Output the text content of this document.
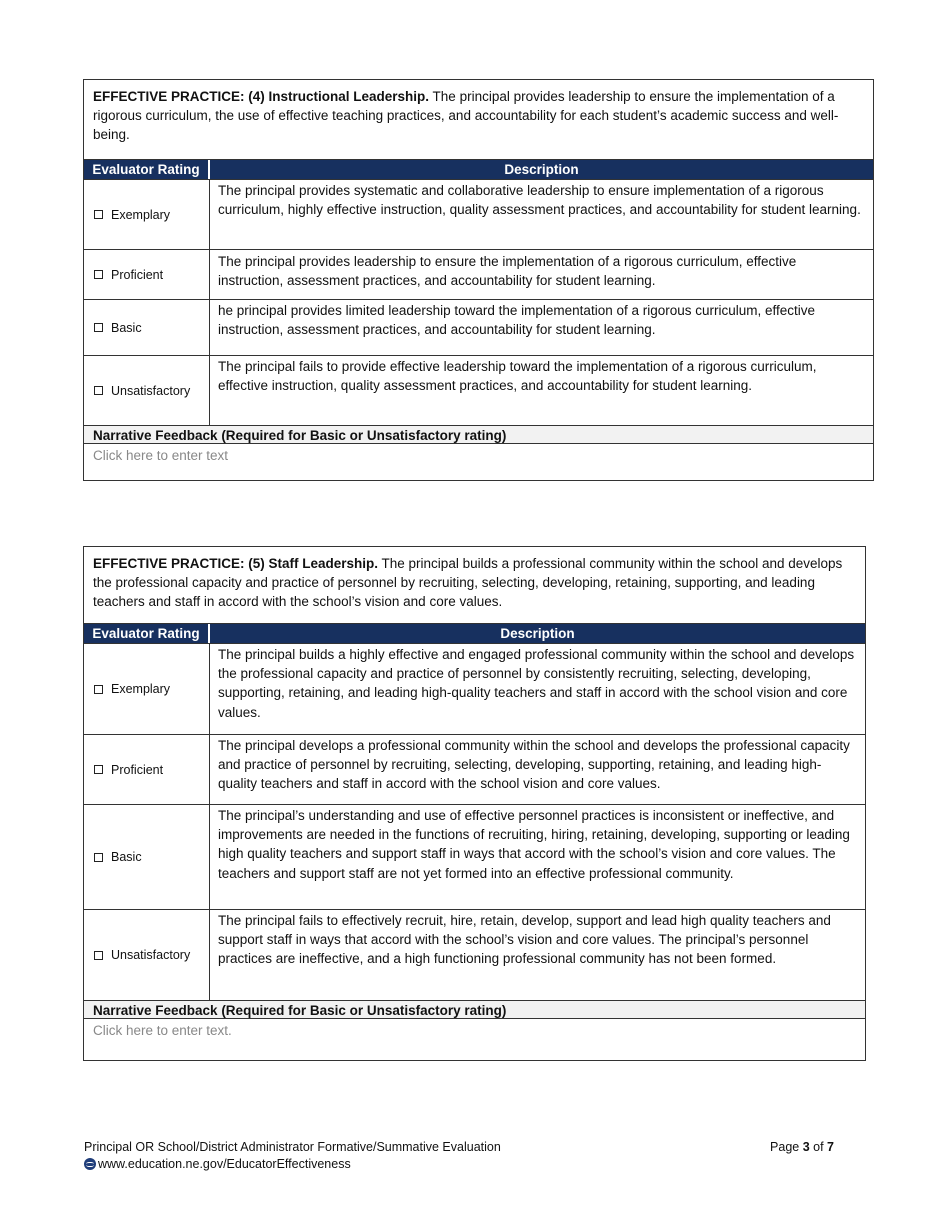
EFFECTIVE PRACTICE: (4) Instructional Leadership. The principal provides leadership to ensure the implementation of a rigorous curriculum, the use of effective teaching practices, and accountability for each student’s academic success and well-being.
Evaluator Rating	Description
Exemplary
The principal provides systematic and collaborative leadership to ensure implementation of a rigorous curriculum, highly effective instruction, quality assessment practices, and accountability for student learning.
Proficient
The principal provides leadership to ensure the implementation of a rigorous curriculum, effective instruction, assessment practices, and accountability for student learning.
Basic
he principal provides limited leadership toward the implementation of a rigorous curriculum, effective instruction, assessment practices, and accountability for student learning.
Unsatisfactory
The principal fails to provide effective leadership toward the implementation of a rigorous curriculum, effective instruction, quality assessment practices, and accountability for student learning.
Narrative Feedback (Required for Basic or Unsatisfactory rating)
Click here to enter text
EFFECTIVE PRACTICE: (5) Staff Leadership. The principal builds a professional community within the school and develops the professional capacity and practice of personnel by recruiting, selecting, developing, retaining, supporting, and leading teachers and staff in accord with the school’s vision and core values.
Evaluator Rating	Description
Exemplary
The principal builds a highly effective and engaged professional community within the school and develops the professional capacity and practice of personnel by consistently recruiting, selecting, developing, supporting, retaining, and leading high-quality teachers and staff in accord with the school vision and core values.
Proficient
The principal develops a professional community within the school and develops the professional capacity and practice of personnel by recruiting, selecting, developing, supporting, retaining, and leading high-quality teachers and staff in accord with the school vision and core values.
Basic
The principal’s understanding and use of effective personnel practices is inconsistent or ineffective, and improvements are needed in the functions of recruiting, hiring, retaining, developing, supporting or leading high quality teachers and support staff in ways that accord with the school’s vision and core values. The teachers and support staff are not yet formed into an effective professional community.
Unsatisfactory
The principal fails to effectively recruit, hire, retain, develop, support and lead high quality teachers and support staff in ways that accord with the school’s vision and core values. The principal’s personnel practices are ineffective, and a high functioning professional community has not been formed.
Narrative Feedback (Required for Basic or Unsatisfactory rating)
Click here to enter text.
Principal OR School/District Administrator Formative/Summative Evaluation
www.education.ne.gov/EducatorEffectiveness
Page 3 of 7
